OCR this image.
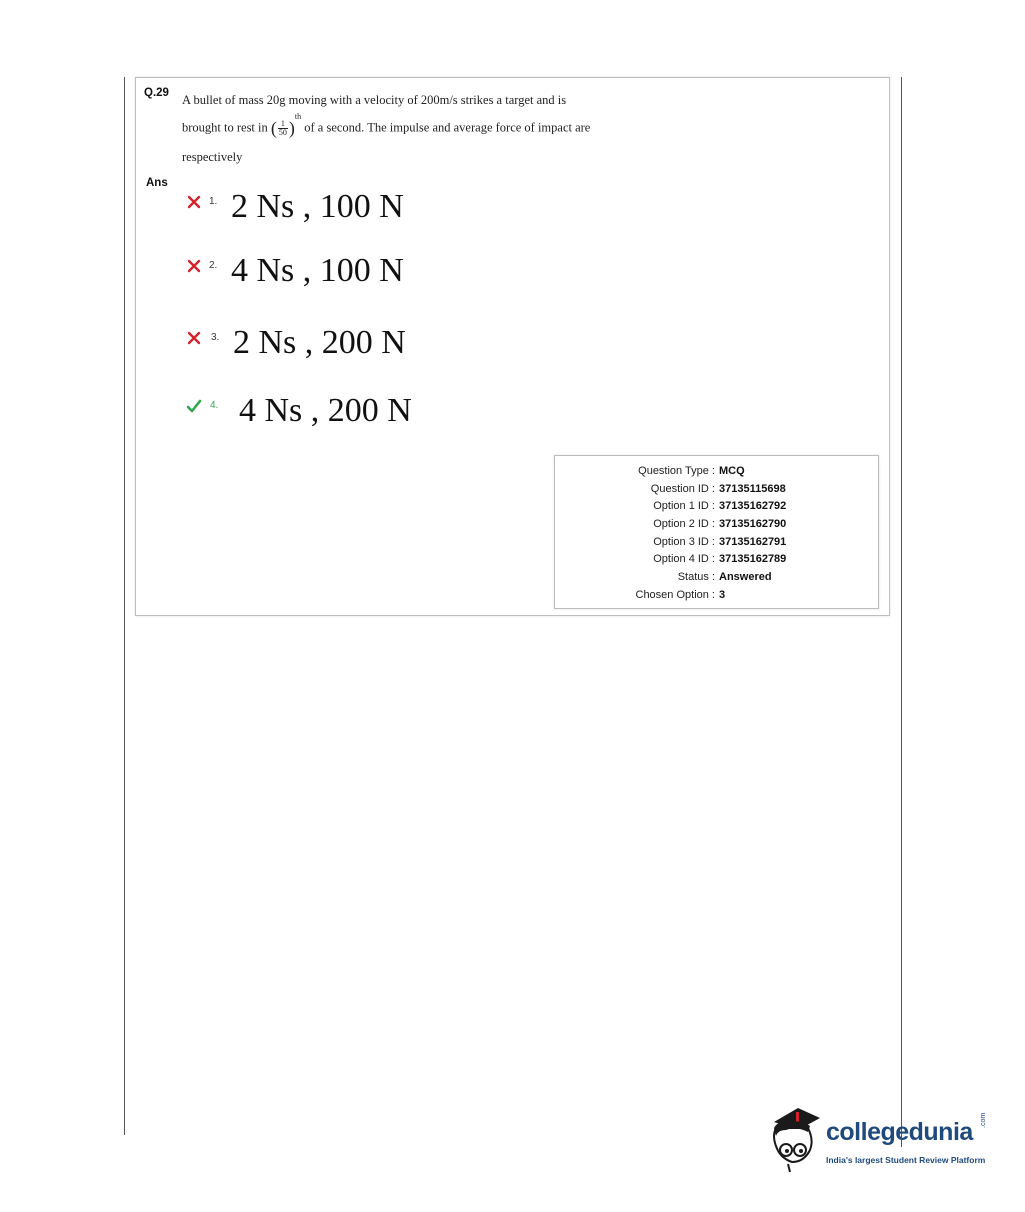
Q.29 A bullet of mass 20g moving with a velocity of 200m/s strikes a target and is
brought to rest in ( $\frac{1}{50} )^{th}$ of a second. The impulse and average force of impact are
respectively
Ans
1. 2 Ns , 100 N
2. 4 Ns , 100 N
3. 2 Ns , 200 N
4. 4 Ns , 200 N
Question Type : MCQ
Question ID : 37135115698
Option 1 ID : 37135162792
Option 2 ID : 37135162790
Option 3 ID : 37135162791
Option 4 ID : 37135162789
Status : Answered
Chosen Option : 3
collegedunia .com
India's largest Student Review Platform
